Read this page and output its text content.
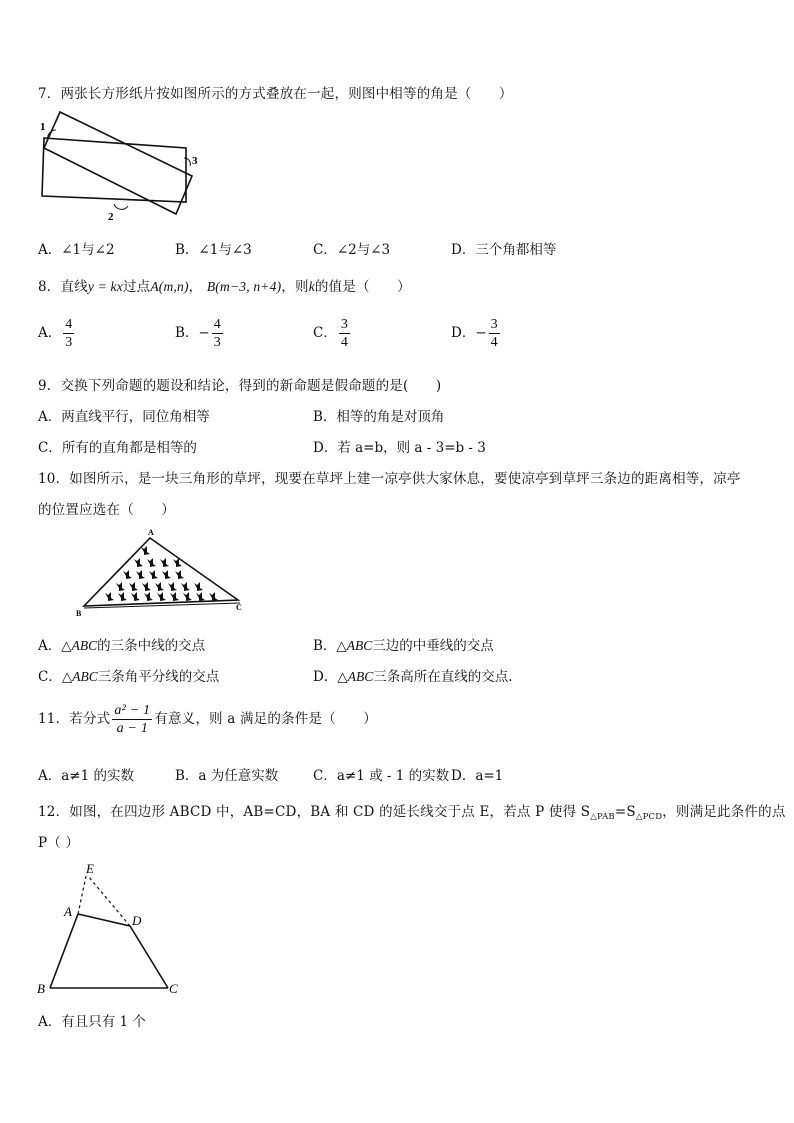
7．两张长方形纸片按如图所示的方式叠放在一起，则图中相等的角是（　　）
1
2
3
A．∠1与∠2	B．∠1与∠3	C．∠2与∠3	D．三个角都相等
8．直线y = kx过点A(m,n)， B(m−3, n+4)，则k的值是（　　）
A． $\frac{4}{3}$	B．− $\frac{4}{3}$	C． $\frac{3}{4}$	D．− $\frac{3}{4}$
9．交换下列命题的题设和结论，得到的新命题是假命题的是(　　)
A．两直线平行，同位角相等	B．相等的角是对顶角
C．所有的直角都是相等的	D．若 a=b，则 a - 3=b - 3
10．如图所示，是一块三角形的草坪，现要在草坪上建一凉亭供大家休息，要使凉亭到草坪三条边的距离相等，凉亭
的位置应选在（　　）
A
B
C
A．△ABC的三条中线的交点	B．△ABC三边的中垂线的交点
C．△ABC三条角平分线的交点	D．△ABC三条高所在直线的交点.
11．若分式 $\frac{\text{a² − 1}}{a - 1}$ 有意义，则 a 满足的条件是（　　）
A．a≠1 的实数	B．a 为任意实数	C．a≠1 或 - 1 的实数 D．a=1
12．如图，在四边形 ABCD 中，AB=CD，BA 和 CD 的延长线交于点 E，若点 P 使得 $S_{\triangle PAB}=S_{\triangle PCD}$，则满足此条件的点
P（ ）
E
A
D
B	C
A．有且只有 1 个
